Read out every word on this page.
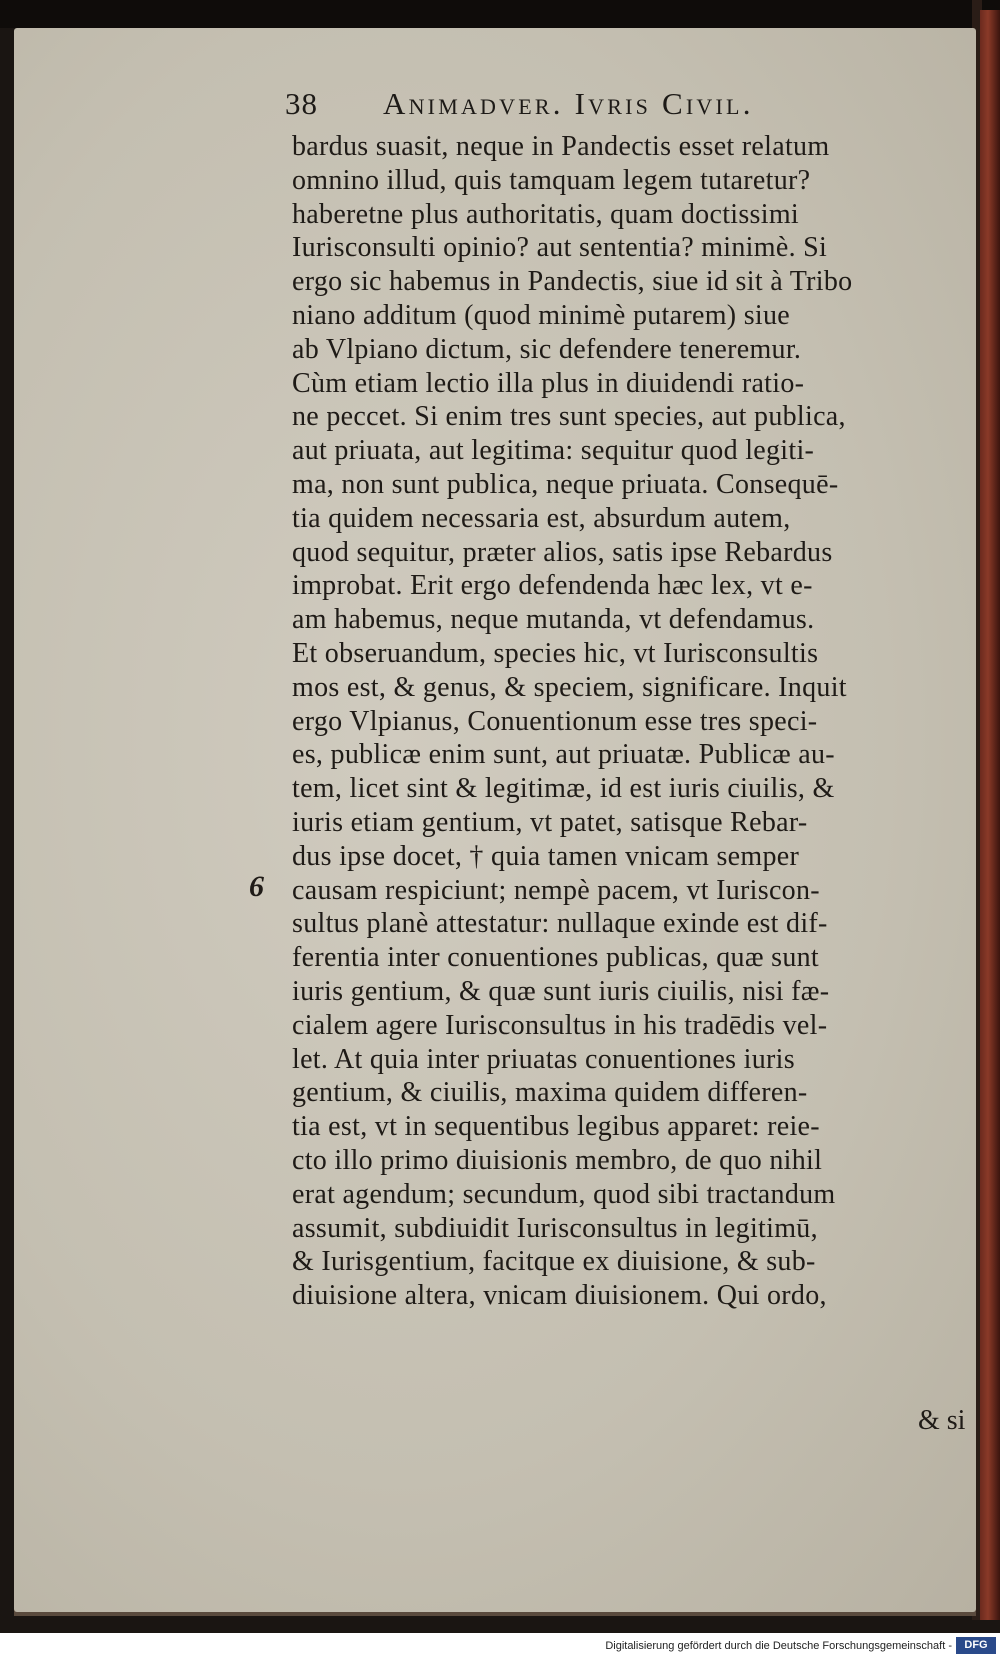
38 Animadver. Ivris Civil.
bardus suasit, neque in Pandectis esset relatum
omnino illud, quis tamquam legem tutaretur?
haberetne plus authoritatis, quam doctissimi
Iurisconsulti opinio? aut sententia? minimè. Si
ergo sic habemus in Pandectis, siue id sit à Tribo
niano additum (quod minimè putarem) siue
ab Vlpiano dictum, sic defendere teneremur.
Cùm etiam lectio illa plus in diuidendi ratio-
ne peccet. Si enim tres sunt species, aut publica,
aut priuata, aut legitima: sequitur quod legiti-
ma, non sunt publica, neque priuata. Consequē-
tia quidem necessaria est, absurdum autem,
quod sequitur, præter alios, satis ipse Rebardus
improbat. Erit ergo defendenda hæc lex, vt e-
am habemus, neque mutanda, vt defendamus.
Et obseruandum, species hic, vt Iurisconsultis
mos est, & genus, & speciem, significare. Inquit
ergo Vlpianus, Conuentionum esse tres speci-
es, publicæ enim sunt, aut priuatæ. Publicæ au-
tem, licet sint & legitimæ, id est iuris ciuilis, &
iuris etiam gentium, vt patet, satisque Rebar-
dus ipse docet, † quia tamen vnicam semper
causam respiciunt; nempè pacem, vt Iuriscon-
sultus planè attestatur: nullaque exinde est dif-
ferentia inter conuentiones publicas, quæ sunt
iuris gentium, & quæ sunt iuris ciuilis, nisi fæ-
cialem agere Iurisconsultus in his tradēdis vel-
let. At quia inter priuatas conuentiones iuris
gentium, & ciuilis, maxima quidem differen-
tia est, vt in sequentibus legibus apparet: reie-
cto illo primo diuisionis membro, de quo nihil
erat agendum; secundum, quod sibi tractandum
assumit, subdiuidit Iurisconsultus in legitimū,
& Iurisgentium, facitque ex diuisione, & sub-
diuisione altera, vnicam diuisionem. Qui ordo,
6
& si
Digitalisierung gefördert durch die Deutsche Forschungsgemeinschaft -	DFG
